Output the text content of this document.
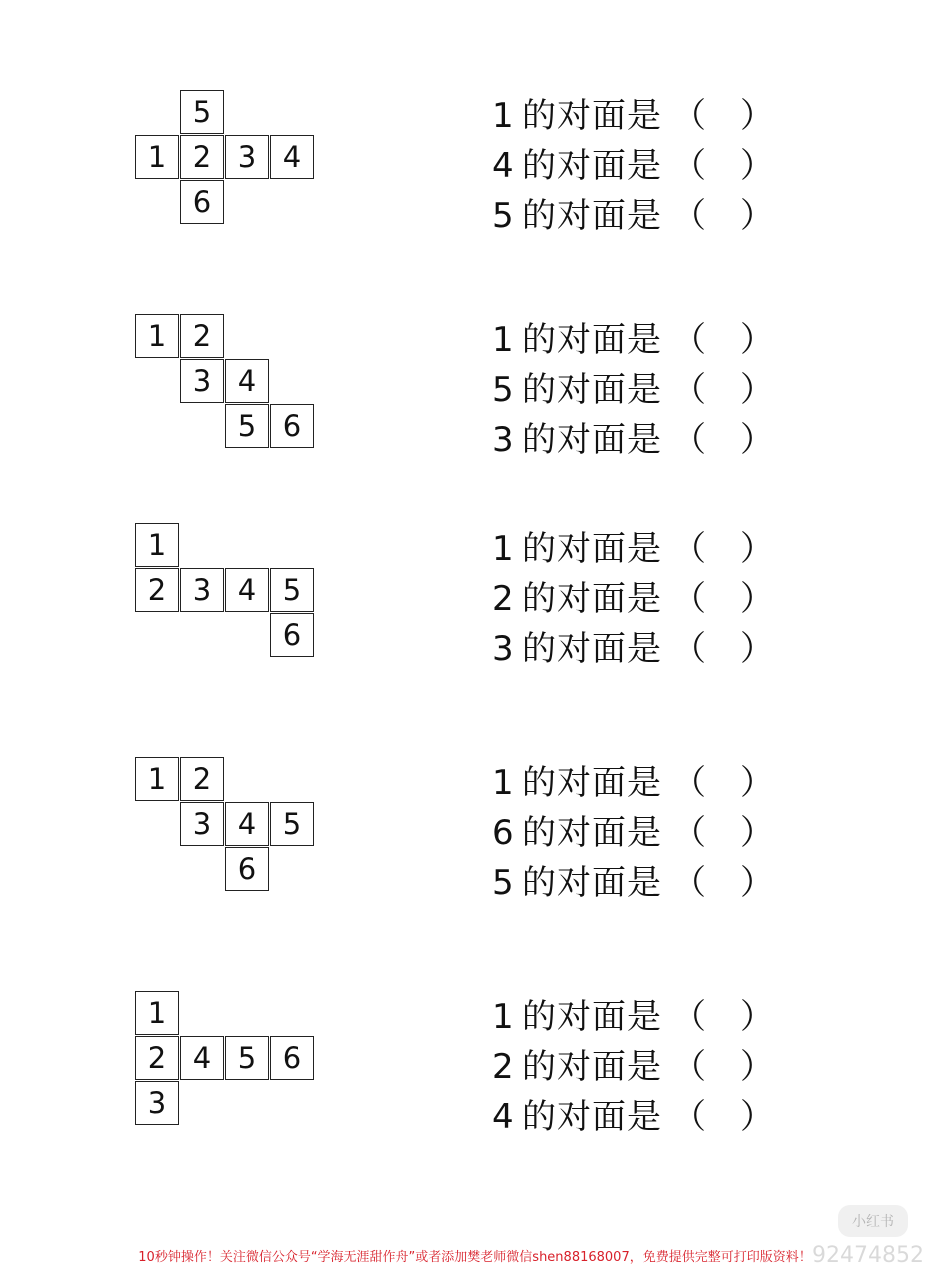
5
1 2 3 4
6
1 的对面是 （　）
4 的对面是 （　）
5 的对面是 （　）
1 2
3 4
5 6
1 的对面是 （　）
5 的对面是 （　）
3 的对面是 （　）
1
2 3 4 5
6
1 的对面是 （　）
2 的对面是 （　）
3 的对面是 （　）
1 2
3 4 5
6
1 的对面是 （　）
6 的对面是 （　）
5 的对面是 （　）
1
2 4 5 6
3
1 的对面是 （　）
2 的对面是 （　）
4 的对面是 （　）
10秒钟操作！关注微信公众号“学海无涯甜作舟”或者添加樊老师微信shen88168007，免费提供完整可打印版资料！
小红书
92474852
